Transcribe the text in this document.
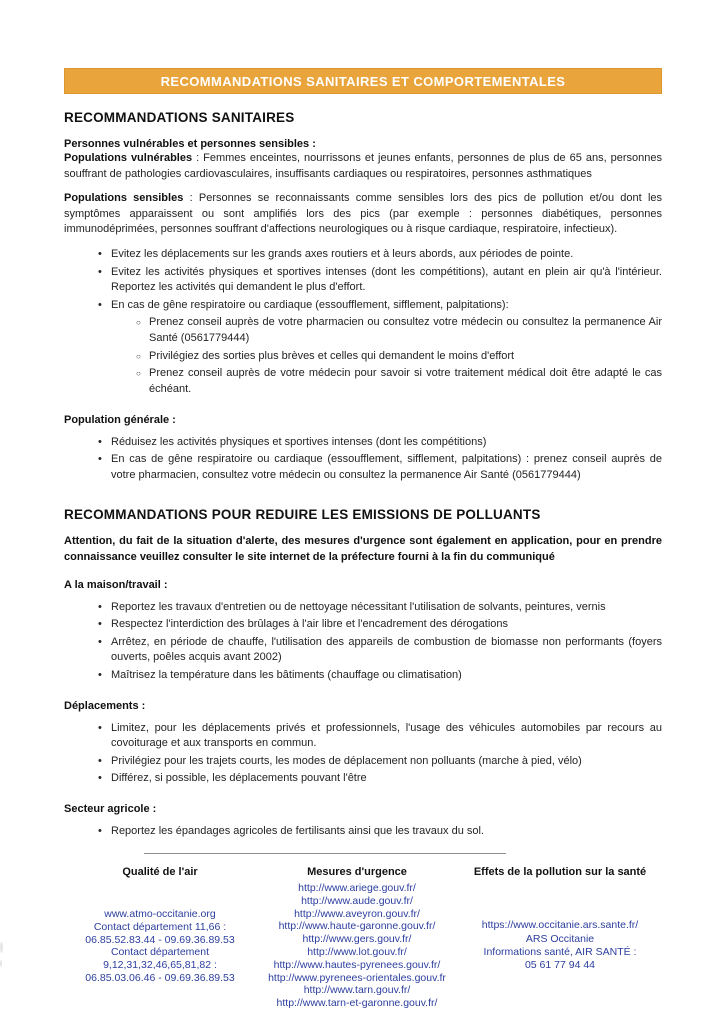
RECOMMANDATIONS SANITAIRES ET COMPORTEMENTALES
RECOMMANDATIONS SANITAIRES
Personnes vulnérables et personnes sensibles :

Populations vulnérables : Femmes enceintes, nourrissons et jeunes enfants, personnes de plus de 65 ans, personnes souffrant de pathologies cardiovasculaires, insuffisants cardiaques ou respiratoires, personnes asthmatiques

Populations sensibles : Personnes se reconnaissants comme sensibles lors des pics de pollution et/ou dont les symptômes apparaissent ou sont amplifiés lors des pics (par exemple : personnes diabétiques, personnes immunodéprimées, personnes souffrant d'affections neurologiques ou à risque cardiaque, respiratoire, infectieux).

• Evitez les déplacements sur les grands axes routiers et à leurs abords, aux périodes de pointe.
• Evitez les activités physiques et sportives intenses (dont les compétitions), autant en plein air qu'à l'intérieur. Reportez les activités qui demandent le plus d'effort.
• En cas de gêne respiratoire ou cardiaque (essoufflement, sifflement, palpitations):
○ Prenez conseil auprès de votre pharmacien ou consultez votre médecin ou consultez la permanence Air Santé (0561779444)
○ Privilégiez des sorties plus brèves et celles qui demandent le moins d'effort
○ Prenez conseil auprès de votre médecin pour savoir si votre traitement médical doit être adapté le cas échéant.
Population générale :
• Réduisez les activités physiques et sportives intenses (dont les compétitions)
• En cas de gêne respiratoire ou cardiaque (essoufflement, sifflement, palpitations) : prenez conseil auprès de votre pharmacien, consultez votre médecin ou consultez la permanence Air Santé (0561779444)
RECOMMANDATIONS POUR REDUIRE LES EMISSIONS DE POLLUANTS

Attention, du fait de la situation d'alerte, des mesures d'urgence sont également en application, pour en prendre connaissance veuillez consulter le site internet de la préfecture fourni à la fin du communiqué

A la maison/travail :
• Reportez les travaux d'entretien ou de nettoyage nécessitant l'utilisation de solvants, peintures, vernis
• Respectez l'interdiction des brûlages à l'air libre et l'encadrement des dérogations
• Arrêtez, en période de chauffe, l'utilisation des appareils de combustion de biomasse non performants (foyers ouverts, poêles acquis avant 2002)
• Maîtrisez la température dans les bâtiments (chauffage ou climatisation)
Déplacements :
• Limitez, pour les déplacements privés et professionnels, l'usage des véhicules automobiles par recours au covoiturage et aux transports en commun.
• Privilégiez pour les trajets courts, les modes de déplacement non polluants (marche à pied, vélo)
• Différez, si possible, les déplacements pouvant l'être
Secteur agricole :
• Reportez les épandages agricoles de fertilisants ainsi que les travaux du sol.
Qualité de l'air
www.atmo-occitanie.org
Contact département 11,66 :
06.85.52.83.44 - 09.69.36.89.53
Contact département
9,12,31,32,46,65,81,82 :
06.85.03.06.46 - 09.69.36.89.53
Mesures d'urgence
http://www.ariege.gouv.fr/
http://www.aude.gouv.fr/
http://www.aveyron.gouv.fr/
http://www.haute-garonne.gouv.fr/
http://www.gers.gouv.fr/
http://www.lot.gouv.fr/
http://www.hautes-pyrenees.gouv.fr/
http://www.pyrenees-orientales.gouv.fr
http://www.tarn.gouv.fr/
http://www.tarn-et-garonne.gouv.fr/
Effets de la pollution sur la santé
https://www.occitanie.ars.sante.fr/
ARS Occitanie
Informations santé, AIR SANTÉ :
05 61 77 94 44
